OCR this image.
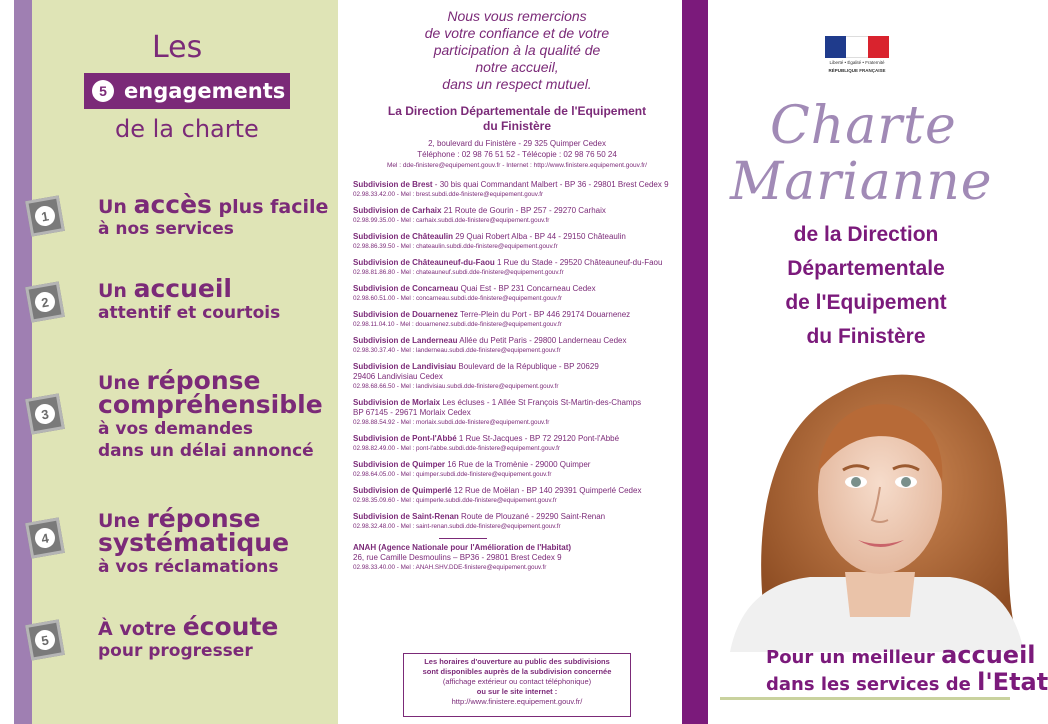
Les
5 engagements
de la charte
1	Un accès plus facile
à nos services
2
Un accueil
attentif et courtois
3
Une réponse
compréhensible
à vos demandes
dans un délai annoncé
4
Une réponse
systématique
à vos réclamations
5
À votre écoute
pour progresser
Nous vous remercions
de votre confiance et de votre
participation à la qualité de
notre accueil,
dans un respect mutuel.
La Direction Départementale de l'Equipement
du Finistère
2, boulevard du Finistère - 29 325 Quimper Cedex
Téléphone : 02 98 76 51 52 - Télécopie : 02 98 76 50 24
Mel : dde-finistere@equipement.gouv.fr - Internet : http://www.finistere.equipement.gouv.fr/
Subdivision de Brest - 30 bis quai Commandant Malbert - BP 36 - 29801 Brest Cedex 9
02.98.33.42.00 - Mel : brest.subdi.dde-finistere@equipement.gouv.fr
Subdivision de Carhaix 21 Route de Gourin - BP 257 - 29270 Carhaix
02.98.99.35.00 - Mel : carhaix.subdi.dde-finistere@equipement.gouv.fr
Subdivision de Châteaulin 29 Quai Robert Alba - BP 44 - 29150 Châteaulin
02.98.86.39.50 - Mel : chateaulin.subdi.dde-finistere@equipement.gouv.fr
Subdivision de Châteauneuf-du-Faou 1 Rue du Stade - 29520 Châteauneuf-du-Faou
02.98.81.86.80 - Mel : chateauneuf.subdi.dde-finistere@equipement.gouv.fr
Subdivision de Concarneau Quai Est - BP 231 Concarneau Cedex
02.98.60.51.00 - Mel : concarneau.subdi.dde-finistere@equipement.gouv.fr
Subdivision de Douarnenez Terre-Plein du Port - BP 446 29174 Douarnenez
02.98.11.04.10 - Mel : douarnenez.subdi.dde-finistere@equipement.gouv.fr
Subdivision de Landerneau Allée du Petit Paris - 29800 Landerneau Cedex
02.98.30.37.40 - Mel : landerneau.subdi.dde-finistere@equipement.gouv.fr
Subdivision de Landivisiau Boulevard de la République - BP 20629
29406 Landivisiau Cedex
02.98.68.66.50 - Mel : landivisiau.subdi.dde-finistere@equipement.gouv.fr
Subdivision de Morlaix Les écluses - 1 Allée St François St-Martin-des-Champs
BP 67145 - 29671 Morlaix Cedex
02.98.88.54.92 - Mel : morlaix.subdi.dde-finistere@equipement.gouv.fr
Subdivision de Pont-l'Abbé 1 Rue St-Jacques - BP 72 29120 Pont-l'Abbé
02.98.82.49.00 - Mel : pont-l'abbe.subdi.dde-finistere@equipement.gouv.fr
Subdivision de Quimper 16 Rue de la Tromènie - 29000 Quimper
02.98.64.05.00 - Mel : quimper.subdi.dde-finistere@equipement.gouv.fr
Subdivision de Quimperlé 12 Rue de Moëlan - BP 140 29391 Quimperlé Cedex
02.98.35.09.60 - Mel : quimperle.subdi.dde-finistere@equipement.gouv.fr
Subdivision de Saint-Renan Route de Plouzané - 29290 Saint-Renan
02.98.32.48.00 - Mel : saint-renan.subdi.dde-finistere@equipement.gouv.fr
ANAH (Agence Nationale pour l'Amélioration de l'Habitat)
26, rue Camille Desmoulins – BP36 - 29801 Brest Cedex 9
02.98.33.40.00 - Mel : ANAH.SHV.DDE-finistere@equipement.gouv.fr
Les horaires d'ouverture au public des subdivisions
sont disponibles auprès de la subdivision concernée
(affichage extérieur ou contact téléphonique)
ou sur le site internet :
http://www.finistere.equipement.gouv.fr/
Liberté • Égalité • Fraternité
RÉPUBLIQUE FRANÇAISE
Charte
Marianne
de la Direction
Départementale
de l'Equipement
du Finistère
Pour un meilleur accueil
dans les services de l'Etat
